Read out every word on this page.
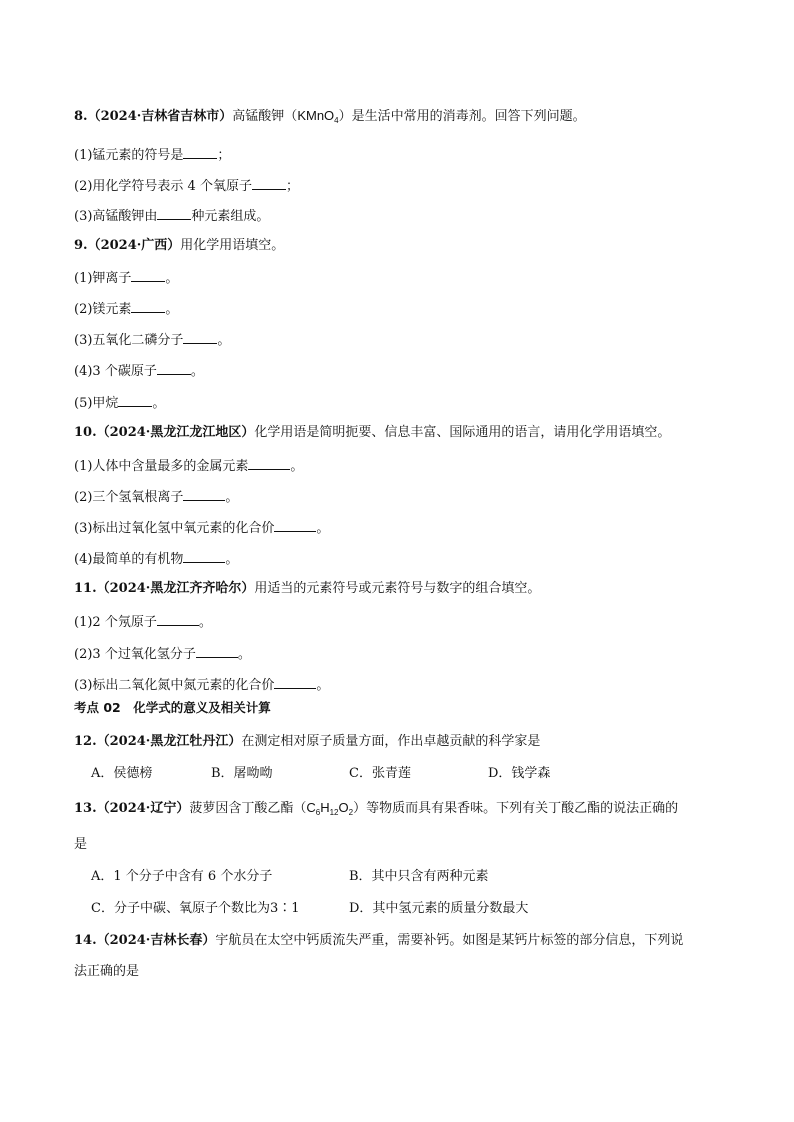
8.（2024·吉林省吉林市）高锰酸钾（KMnO$_4$）是生活中常用的消毒剂。回答下列问题。
(1)锰元素的符号是	；
(2)用化学符号表示 4 个氧原子	；
(3)高锰酸钾由	种元素组成。
9.（2024·广西）用化学用语填空。
(1)钾离子	。
(2)镁元素	。
(3)五氧化二磷分子	。
(4)3 个碳原子	。
(5)甲烷	。
10.（2024·黑龙江龙江地区）化学用语是简明扼要、信息丰富、国际通用的语言，请用化学用语填空。
(1)人体中含量最多的金属元素	。
(2)三个氢氧根离子	。
(3)标出过氧化氢中氧元素的化合价	。
(4)最简单的有机物	。
11.（2024·黑龙江齐齐哈尔）用适当的元素符号或元素符号与数字的组合填空。
(1)2 个氖原子	。
(2)3 个过氧化氢分子	。
(3)标出二氧化氮中氮元素的化合价	。
考点 02　化学式的意义及相关计算
12.（2024·黑龙江牡丹江）在测定相对原子质量方面，作出卓越贡献的科学家是
A．侯德榜	B．屠呦呦	C．张青莲	D．钱学森
13.（2024·辽宁）菠萝因含丁酸乙酯$(C_6H_{12}O_2)$等物质而具有果香味。下列有关丁酸乙酯的说法正确的
是
A．1 个分子中含有 6 个水分子	B．其中只含有两种元素
C．分子中碳、氧原子个数比为3∶1	D．其中氢元素的质量分数最大
14.（2024·吉林长春）宇航员在太空中钙质流失严重，需要补钙。如图是某钙片标签的部分信息，下列说
法正确的是
